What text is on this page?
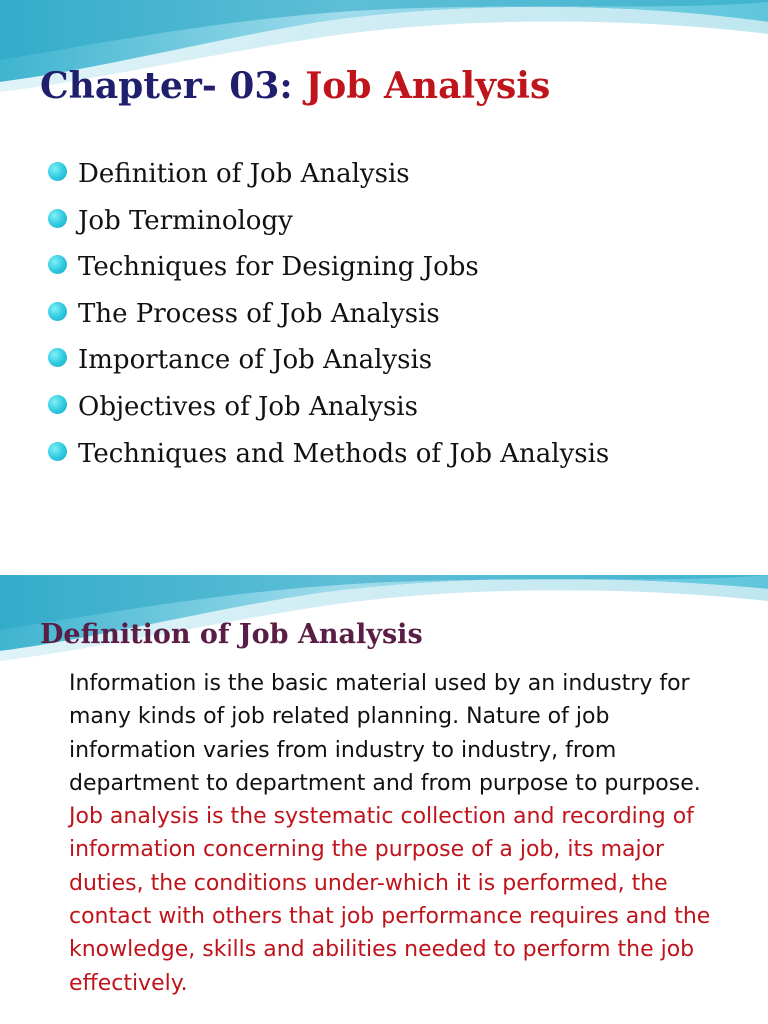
Chapter- 03: Job Analysis
Definition of Job Analysis
Job Terminology
Techniques for Designing Jobs
The Process of Job Analysis
Importance of Job Analysis
Objectives of Job Analysis
Techniques and Methods of Job Analysis
Definition of Job Analysis

Information is the basic material used by an industry for many kinds of job related planning. Nature of job information varies from industry to industry, from department to department and from purpose to purpose. Job analysis is the systematic collection and recording of information concerning the purpose of a job, its major duties, the conditions under-which it is performed, the contact with others that job performance requires and the knowledge, skills and abilities needed to perform the job effectively.
